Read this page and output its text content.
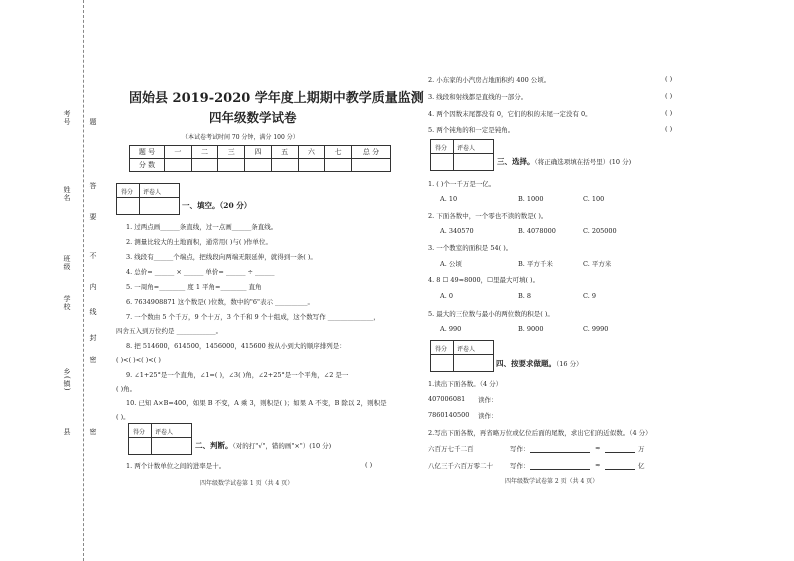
考号	题
姓名	答
要
班级	不
学校
内
线
封
乡(镇)
密
县	密
固始县 2019-2020 学年度上期期中教学质量监测
四年级数学试卷
（本试卷考试时间 70 分钟，满分 100 分）
题 号	一	二	三	四	五	六	七	总 分
分 数								
得分 评卷人
一、填空。（20 分）
1. 过两点画______条直线，过一点画______条直线。
2. 测量比较大的土地面积，通常用( )与( )作单位。
3. 线段有______个端点，把线段向两端无限延伸，就得到一条( )。
4. 总价= ______ × ______ 单价= ______ ÷ ______
5. 一周角=________ 度 1 平角=________ 直角
6. 7634908871 这个数是( )位数，数中的"6"表示 __________。
7. 一个数由 5 个千万，9 个十万，3 个千和 9 个十组成，这个数写作 ______________，
四舍五入到万位约是 ____________。
8. 把 514600，614500，1456000，415600 按从小到大的顺序排列是：
( )<( )<( )<( )
9. ∠1+25°是一个直角，∠1=( )，∠3( )角，∠2+25°是一个平角，∠2 是一
( )角。
10. 已知 A×B=400，如果 B 不变，A 乘 3，则积是( )；如果 A 不变，B 除以 2，则积是
( )。
得分 评卷人
二、判断。（对的打"√"，错的画"×"）(10 分)
1. 两个计数单位之间的进率是十。	( )
四年级数学试卷第 1 页（共 4 页）
2. 小东家的小汽房占地面积约 400 公顷。	( )
3. 线段和射线都是直线的一部分。	( )
4. 两个因数末尾都没有 0，它们的积的末尾一定没有 0。	( )
5. 两个钝角的和一定是钝角。	( )
得分 评卷人
三、选择。（将正确选项填在括号里）(10 分)
1. ( )个一千万是一亿。
A. 10	B. 1000	C. 100
2. 下面各数中，一个零也不读的数是( )。
A. 340570	B. 4078000	C. 205000
3. 一个教室的面积是 54( )。
A. 公顷	B. 平方千米	C. 平方米
4. 8 ☐ 49≈8000，☐里最大可填( )。
A. 0	B. 8	C. 9
5. 最大的三位数与最小的两位数的积是( )。
A. 990	B. 9000	C. 9990
得分 评卷人
四、按要求做题。（16 分）
1.读出下面各数。（4 分）
407006081 读作：
7860140500 读作：
2.写出下面各数，再省略万位或亿位后面的尾数，求出它们的近似数。（4 分）
六百万七千二百	写作：	≈	万
八亿三千六百万零二十	写作：	≈	亿
四年级数学试卷第 2 页（共 4 页）
